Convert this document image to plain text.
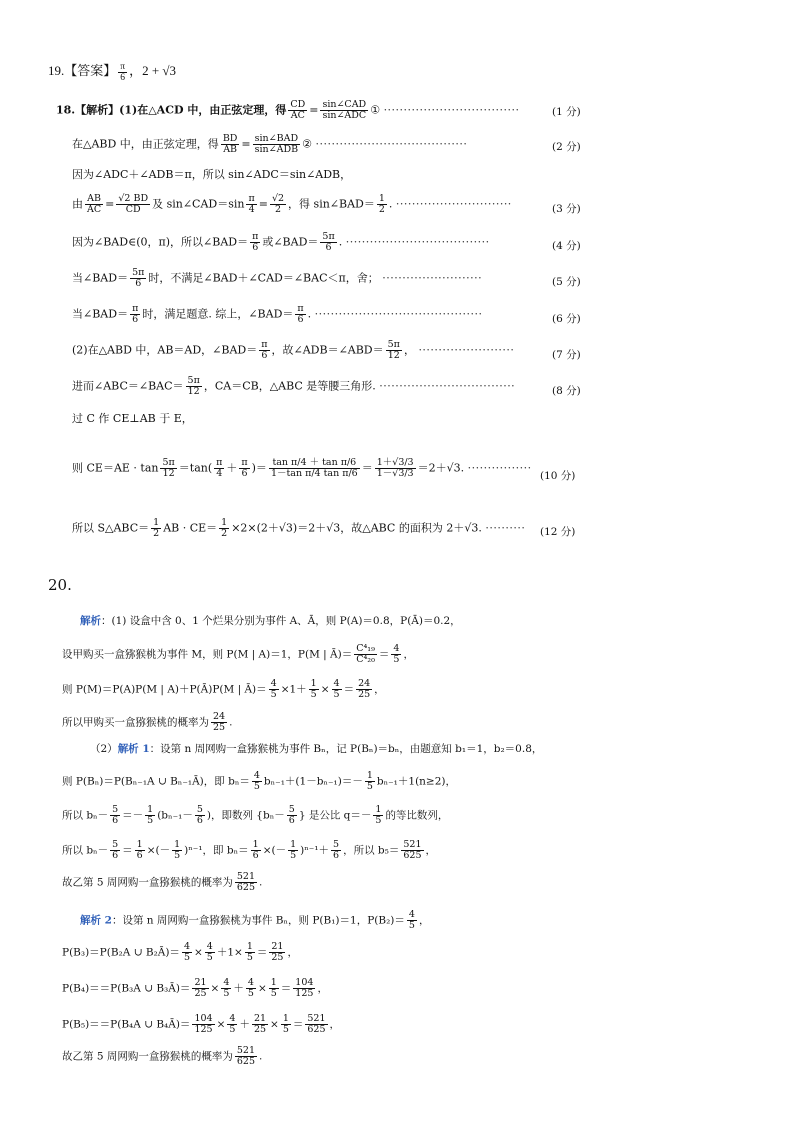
19.【答案】 $\frac{\pi}{6}$ ，2 + √3
18.【解析】(1)在△ACD 中，由正弦定理，得 $\frac{CD}{AC}$ = sin∠CAD
sin∠ADC ① ··································	(1 分)
在△ABD 中，由正弦定理，得 $\frac{BD}{AB}$ = sin∠BAD
sin∠ADB ② ······································	(2 分)
因为∠ADC＋∠ADB＝π，所以 sin∠ADC＝sin∠ADB，
由 $\frac{AB}{AC} = \frac{√2 BD}{CD}$ 及 sin∠CAD＝sin $\frac{\pi}{4} = \frac{√2}{2}$ ，得 sin∠BAD＝ $\frac{1}{2}$ . ·····························	(3 分)
因为∠BAD∈(0，π)，所以∠BAD＝ $\frac{\pi}{6}$ 或∠BAD＝ $\frac{5\pi}{6}$ . ····································	(4 分)
当∠BAD＝ $\frac{5\pi}{6}$ 时，不满足∠BAD＋∠CAD＝∠BAC＜π，舍； ·························	(5 分)
当∠BAD＝ $\frac{\pi}{6}$ 时，满足题意. 综上，∠BAD＝ $\frac{\pi}{6}$ . ··········································	(6 分)
(2)在△ABD 中，AB＝AD，∠BAD＝ $\frac{\pi}{6}$ ，故∠ADB＝∠ABD＝ $\frac{5\pi}{12}$ ， ························	(7 分)
进而∠ABC＝∠BAC＝ $\frac{5\pi}{12}$ ，CA＝CB，△ABC 是等腰三角形. ··································	(8 分)
过 C 作 CE⊥AB 于 E，
则 $CE=AE \cdot \tan \frac{5\pi}{12} =\tan( \frac{\pi}{4} + \frac{\pi}{6}$ )＝ $\frac{\text{tan π/4 ＋ tan π/6}}{\text{1－tan π/4 tan π/6}} = \frac{1+√3/3}{1-√3/3} =2+√3$. ················
(10 分)
所以 S△ABC＝ $\frac{1}{2}$ AB · $CE= \frac{1}{2} \times 2\times(2+√3)=2+√3$，故△ABC 的面积为 2＋√3. ·········· (12 分)
20.
解析：(1) 设盒中含 0、1 个烂果分别为事件 A、Ā，则 P(A)＝0.8，P(Ā)＝0.2，
设甲购买一盒猕猴桃为事件 M，则 P(M | A)＝1，P(M | Ā)＝ $\frac{\text{C⁴₁₉}}{\text{C⁴₂₀}} = \frac{4}{5}$ ，
则 P(M)＝P(A)P(M | A)＋P(Ā)P(M | Ā)＝ $\frac{4}{5} \times 1+ \frac{1}{5} \times \frac{4}{5} = \frac{24}{25}$ ，
所以甲购买一盒猕猴桃的概率为 $\frac{24}{25}$ .
（2）解析 1：设第 n 周网购一盒猕猴桃为事件 Bₙ，记 P(Bₙ)＝bₙ，由题意知 b₁＝1，b₂＝0.8，
则 P(Bₙ)＝P(Bₙ₋₁A ∪ Bₙ₋₁Ā)，即 $b_n= \frac{4}{5} b_{n-1}+(1-b_{n-1})=- \frac{1}{5} b_{n-1}+1(n\ge 2)$，
所以 $b_n- \frac{5}{6} =- \frac{1}{5} (b_{n-1}- \frac{5}{6}$ )，即数列 {$b_n- \frac{5}{6}$ } 是公比 $q=- \frac{1}{5}$ 的等比数列，
所以 $b_n- \frac{5}{6} = \frac{1}{6}$ ×(－ $\frac{1}{5} )^{n-1}$，即 $b_n= \frac{1}{6}$ ×(－ $\frac{1}{5} )^{n-1}+ \frac{5}{6}$ ，所以 $b_5= \frac{521}{625}$ ，
故乙第 5 周网购一盒猕猴桃的概率为 $\frac{521}{625}$ .
解析 2：设第 n 周网购一盒猕猴桃为事件 Bₙ，则 P(B₁)＝1，$P(B_2)= \frac{4}{5}$ ，
P(B₃)＝P(B₂A ∪ B₂Ā)＝ $\frac{4}{5} \times \frac{4}{5} +1\times \frac{1}{5} = \frac{21}{25}$ ，
P(B₄)＝＝P(B₃A ∪ B₃Ā)＝ $\frac{21}{25} \times \frac{4}{5} + \frac{4}{5} \times \frac{1}{5} = \frac{104}{125}$ ，
P(B₅)＝＝P(B₄A ∪ B₄Ā)＝ $\frac{104}{125} \times \frac{4}{5} + \frac{21}{25} \times \frac{1}{5} = \frac{521}{625}$ ，
故乙第 5 周网购一盒猕猴桃的概率为 $\frac{521}{625}$ .
